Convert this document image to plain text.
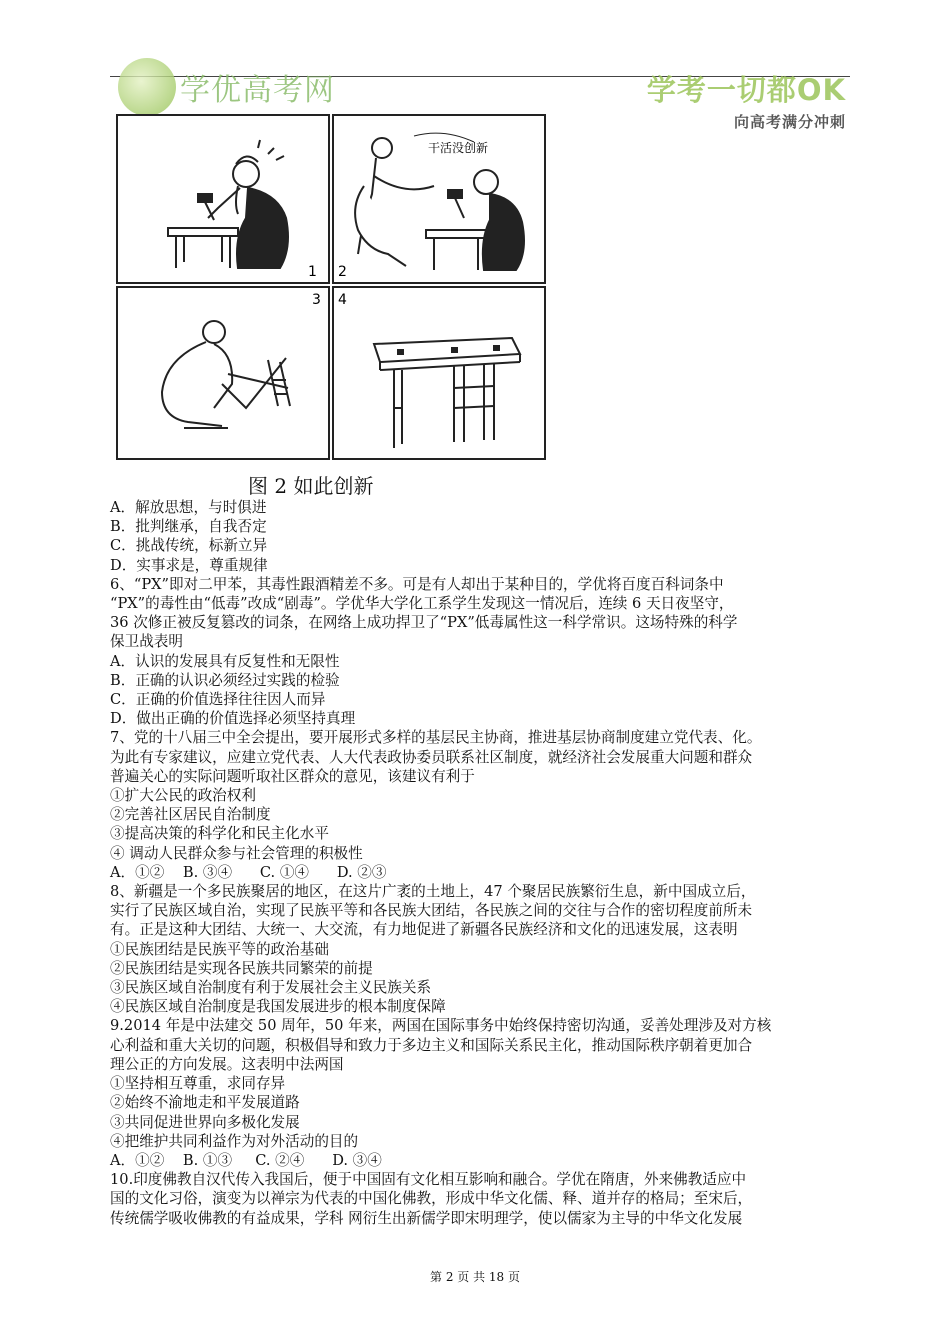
学优高考网	学考一切都OK
向高考满分冲刺
1
干活没创新
2
3 4
图 2 如此创新

A．解放思想，与时俱进

B．批判继承，自我否定

C．挑战传统，标新立异

D．实事求是，尊重规律

6、“PX”即对二甲苯，其毒性跟酒精差不多。可是有人却出于某种目的，学优将百度百科词条中

“PX”的毒性由“低毒”改成“剧毒”。学优华大学化工系学生发现这一情况后，连续 6 天日夜坚守，

36 次修正被反复篡改的词条，在网络上成功捍卫了“PX”低毒属性这一科学常识。这场特殊的科学

保卫战表明

A．认识的发展具有反复性和无限性

B．正确的认识必须经过实践的检验

C．正确的价值选择往往因人而异

D．做出正确的价值选择必须坚持真理

7、党的十八届三中全会提出，要开展形式多样的基层民主协商，推进基层协商制度建立党代表、化。

为此有专家建议，应建立党代表、人大代表政协委员联系社区制度，就经济社会发展重大问题和群众

普遍关心的实际问题听取社区群众的意见，该建议有利于

①扩大公民的政治权利

②完善社区居民自治制度

③提高决策的科学化和民主化水平

④ 调动人民群众参与社会管理的积极性

A．①②    B. ③④      C. ①④      D. ②③

8、新疆是一个多民族聚居的地区，在这片广袤的土地上，47 个聚居民族繁衍生息，新中国成立后，

实行了民族区域自治，实现了民族平等和各民族大团结，各民族之间的交往与合作的密切程度前所未

有。正是这种大团结、大统一、大交流，有力地促进了新疆各民族经济和文化的迅速发展，这表明

①民族团结是民族平等的政治基础

②民族团结是实现各民族共同繁荣的前提

③民族区域自治制度有利于发展社会主义民族关系

④民族区域自治制度是我国发展进步的根本制度保障

9.2014 年是中法建交 50 周年，50 年来，两国在国际事务中始终保持密切沟通，妥善处理涉及对方核

心利益和重大关切的问题，积极倡导和致力于多边主义和国际关系民主化，推动国际秩序朝着更加合

理公正的方向发展。这表明中法两国

①坚持相互尊重，求同存异

②始终不渝地走和平发展道路

③共同促进世界向多极化发展

④把维护共同利益作为对外活动的目的

A．①②    B. ①③     C. ②④      D. ③④

10.印度佛教自汉代传入我国后，便于中国固有文化相互影响和融合。学优在隋唐，外来佛教适应中

国的文化习俗，演变为以禅宗为代表的中国化佛教，形成中华文化儒、释、道并存的格局；至宋后，

传统儒学吸收佛教的有益成果，学科 网衍生出新儒学即宋明理学，使以儒家为主导的中华文化发展

第 2 页 共 18 页
